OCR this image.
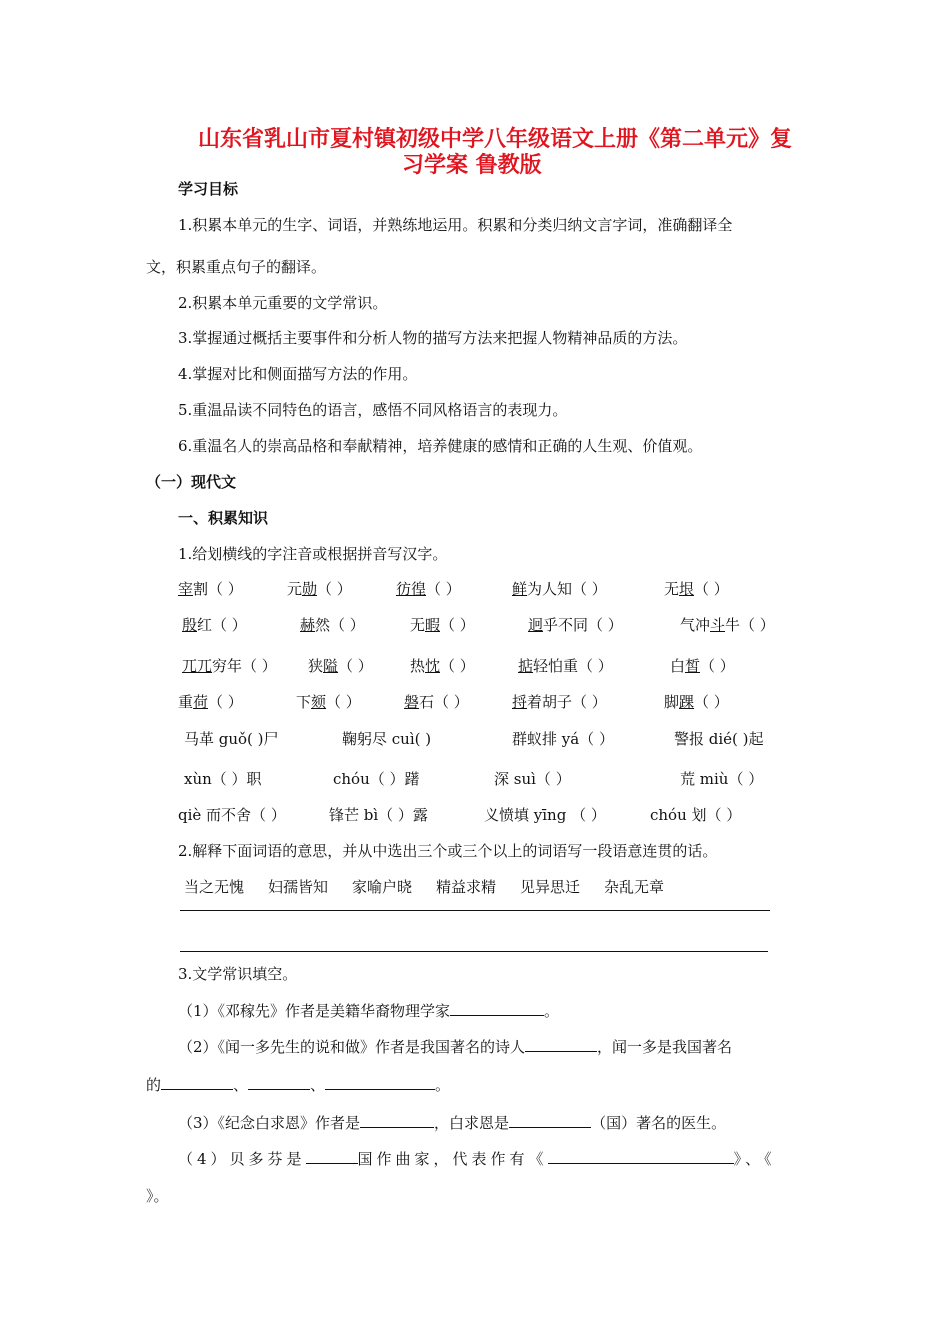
山东省乳山市夏村镇初级中学八年级语文上册《第二单元》复
习学案 鲁教版
学习目标
1.积累本单元的生字、词语，并熟练地运用。积累和分类归纳文言字词，准确翻译全
文，积累重点句子的翻译。
2.积累本单元重要的文学常识。
3.掌握通过概括主要事件和分析人物的描写方法来把握人物精神品质的方法。
4.掌握对比和侧面描写方法的作用。
5.重温品读不同特色的语言，感悟不同风格语言的表现力。
6.重温名人的崇高品格和奉献精神，培养健康的感情和正确的人生观、价值观。
（一）现代文
一、积累知识
1.给划横线的字注音或根据拼音写汉字。
宰割（ ）	元勋（ ）	彷徨（ ）	鲜为人知（ ）	无垠（ ）
殷红（ ）	赫然（ ）	无暇（ ）	迥乎不同（ ）	气冲斗牛（ ）
兀兀穷年（ ） 狭隘（ ） 热忱（ ）	掂轻怕重（ ）	白皙（ ）
重荷（ ）	下颏（ ）	磐石（ ）	捋着胡子（ ）	脚踝（ ）
马革 guǒ( )尸	鞠躬尽 cuì( )	群蚁排 yá（ ）	警报 dié( )起
xùn（ ）职	chóu（ ）躇	深 suì（ ）	荒 miù（ ）
qiè 而不舍（ ）	锋芒 bì（ ）露	义愤填 yīng （ ）	chóu 划（ ）
2.解释下面词语的意思，并从中选出三个或三个以上的词语写一段语意连贯的话。
当之无愧 妇孺皆知 家喻户晓 精益求精 见异思迁 杂乱无章
3.文学常识填空。
（1）《邓稼先》作者是美籍华裔物理学家	。
（2）《闻一多先生的说和做》作者是我国著名的诗人	，闻一多是我国著名
的	、	、	。
（3）《纪念白求恩》作者是	，白求恩是	（国）著名的医生。
（4）贝多芬是	国作曲家，代表作有《	》、《
》。
